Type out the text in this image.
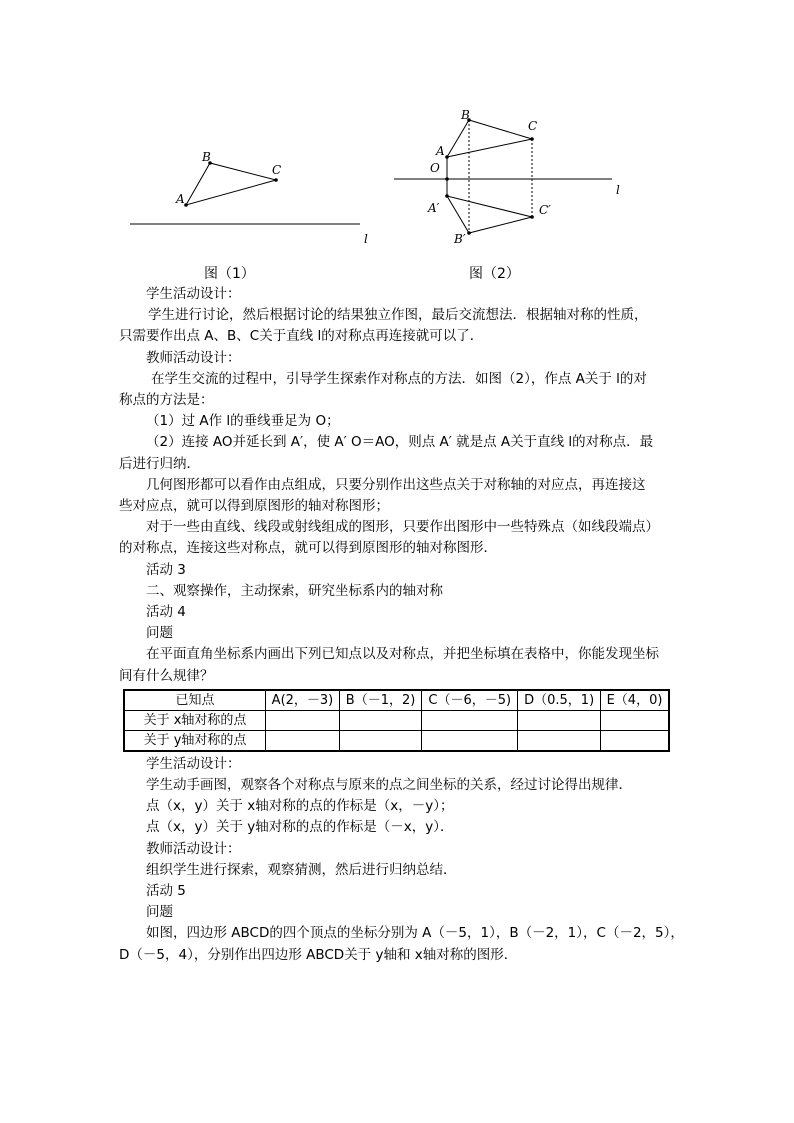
A
B
C
l
A
B
C
O
A′
B′
C′
l
图（1）	图（2）

学生活动设计：

学生进行讨论，然后根据讨论的结果独立作图，最后交流想法．根据轴对称的性质，

只需要作出点 A、B、C关于直线 l的对称点再连接就可以了．

教师活动设计：

在学生交流的过程中，引导学生探索作对称点的方法．如图（2），作点 A关于 l的对

称点的方法是：

（1）过 A作 l的垂线垂足为 O；

（2）连接 AO并延长到 A′，使 A′ O＝AO，则点 A′ 就是点 A关于直线 l的对称点．最

后进行归纳．

几何图形都可以看作由点组成，只要分别作出这些点关于对称轴的对应点，再连接这

些对应点，就可以得到原图形的轴对称图形；

对于一些由直线、线段或射线组成的图形，只要作出图形中一些特殊点（如线段端点）

的对称点，连接这些对称点，就可以得到原图形的轴对称图形．

活动 3

二、观察操作，主动探索，研究坐标系内的轴对称

活动 4

问题

在平面直角坐标系内画出下列已知点以及对称点，并把坐标填在表格中，你能发现坐标

间有什么规律？

已知点	A(2，－3)	B（－1，2)	C（－6，－5)	D（0.5，1)	E（4，0)
关于 x轴对称的点					
关于 y轴对称的点					

学生活动设计：

学生动手画图，观察各个对称点与原来的点之间坐标的关系，经过讨论得出规律．

点（x，y）关于 x轴对称的点的作标是（x，－y）；

点（x，y）关于 y轴对称的点的作标是（－x，y）．

教师活动设计：

组织学生进行探索，观察猜测，然后进行归纳总结．

活动 5

问题

如图，四边形 ABCD的四个顶点的坐标分别为 A（－5，1），B（－2，1），C（－2，5），

D（－5，4），分别作出四边形 ABCD关于 y轴和 x轴对称的图形．
